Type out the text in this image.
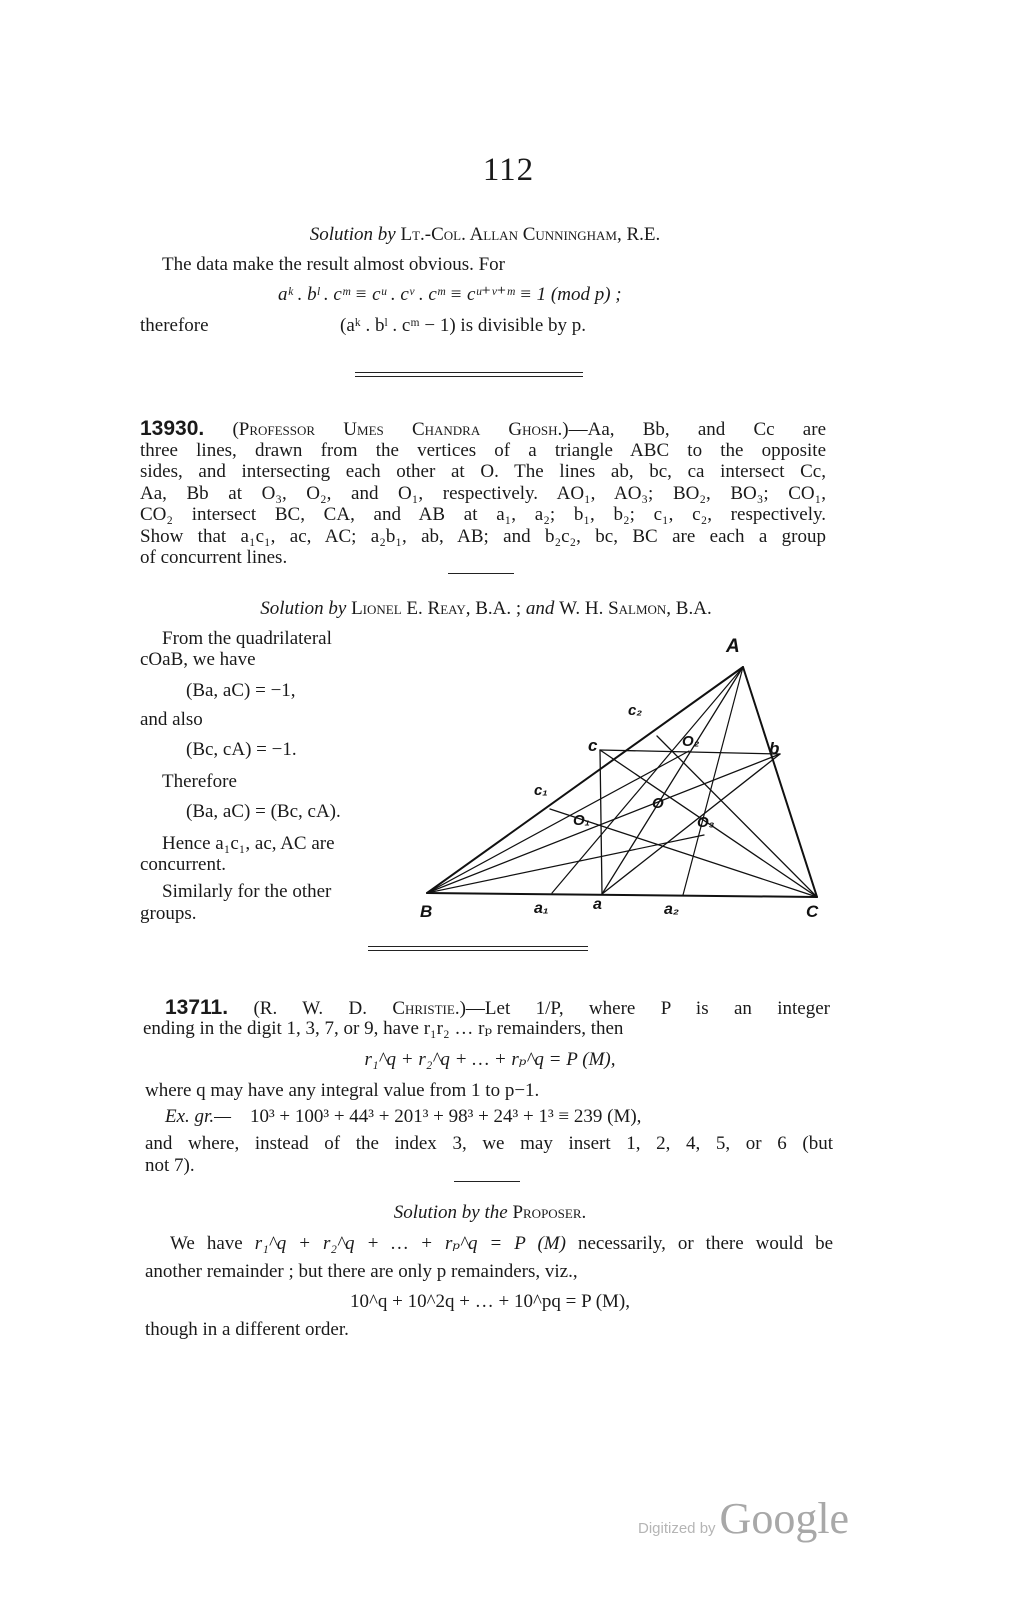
112
Solution by Lt.-Col. Allan Cunningham, R.E.
The data make the result almost obvious. For
aᵏ . bˡ . cᵐ ≡ cᵘ . cᵛ . cᵐ ≡ cᵘ⁺ᵛ⁺ᵐ ≡ 1 (mod p) ;
therefore	(aᵏ . bˡ . cᵐ − 1) is divisible by p.
13930. (Professor Umes Chandra Ghosh.)—Aa, Bb, and Cc are
three lines, drawn from the vertices of a triangle ABC to the opposite
sides, and intersecting each other at O. The lines ab, bc, ca intersect Cc,
Aa, Bb at O₃, O₂, and O₁, respectively. AO₁, AO₃; BO₂, BO₃; CO₁,
CO₂ intersect BC, CA, and AB at a₁, a₂; b₁, b₂; c₁, c₂, respectively.
Show that a₁c₁, ac, AC; a₂b₁, ab, AB; and b₂c₂, bc, BC are each a group
of concurrent lines.
Solution by Lionel E. Reay, B.A. ; and W. H. Salmon, B.A.
From the quadrilateral
cOaB, we have
(Ba, aC) = −1,
and also
(Bc, cA) = −1.
Therefore
(Ba, aC) = (Bc, cA).
Hence a₁c₁, ac, AC are
concurrent.
Similarly for the other
groups.
A
B	C
a
b
c
O
O₁
O₂
O₃
a₁	a₂
c₁
c₂
13711. (R. W. D. Christie.)—Let 1/P, where P is an integer
ending in the digit 1, 3, 7, or 9, have r₁r₂ … rₚ remainders, then
r₁^q + r₂^q + … + rₚ^q = P (M),
where q may have any integral value from 1 to p−1.
Ex. gr.— 10³ + 100³ + 44³ + 201³ + 98³ + 24³ + 1³ ≡ 239 (M),
and where, instead of the index 3, we may insert 1, 2, 4, 5, or 6 (but
not 7).
Solution by the Proposer.
We have r₁^q + r₂^q + … + rₚ^q = P (M) necessarily, or there would be
another remainder ; but there are only p remainders, viz.,
10^q + 10^2q + … + 10^pq = P (M),
though in a different order.
Digitized by Google
